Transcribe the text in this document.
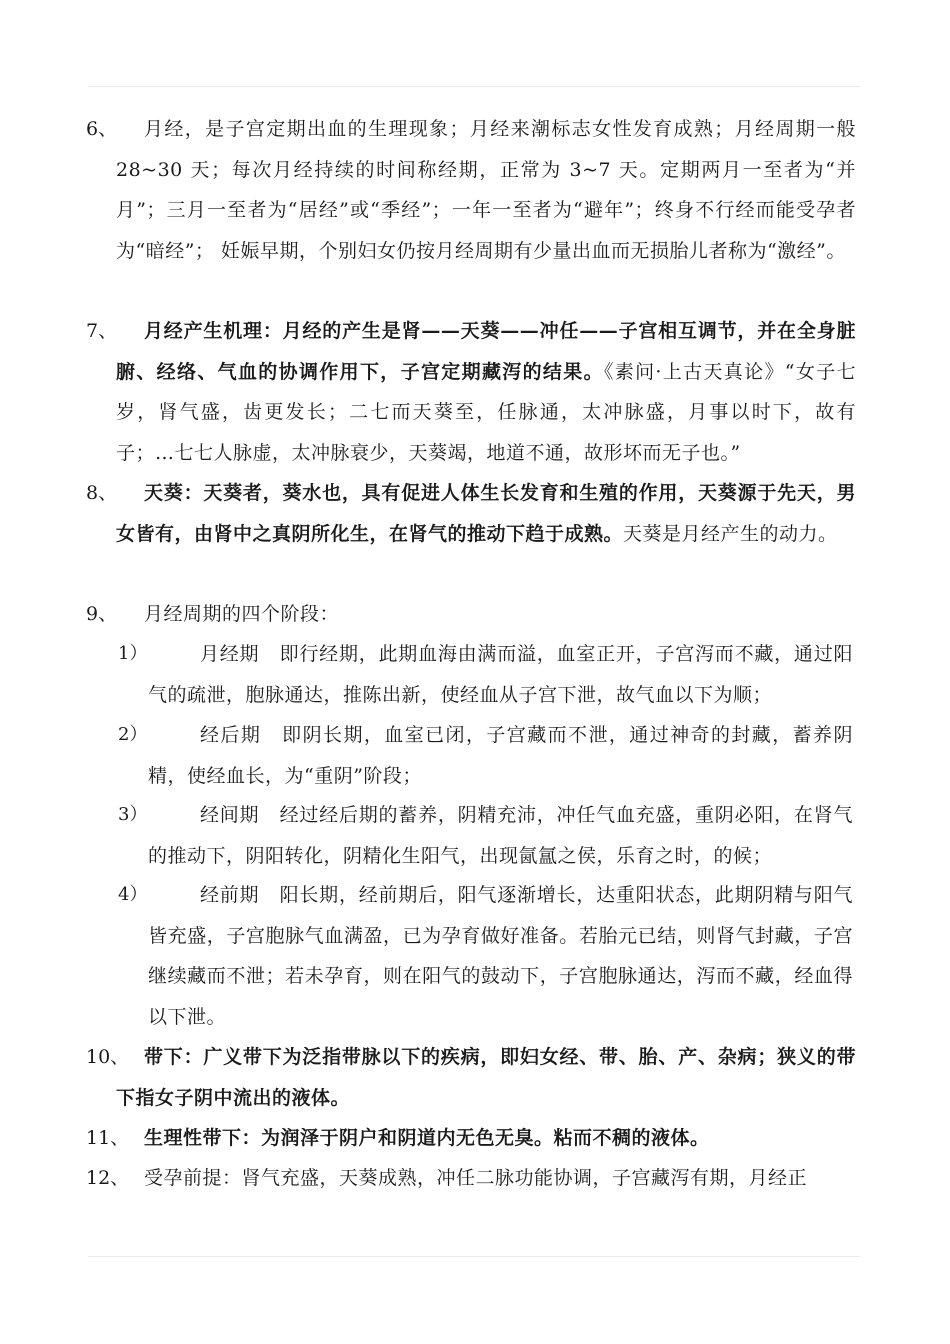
6、	月经，是子宫定期出血的生理现象；月经来潮标志女性发育成熟；月经周期一般 28~30 天；每次月经持续的时间称经期，正常为 3~7 天。定期两月一至者为“并月”；三月一至者为“居经”或“季经”；一年一至者为“避年”；终身不行经而能受孕者为“暗经”； 妊娠早期，个别妇女仍按月经周期有少量出血而无损胎儿者称为“激经”。
7、	月经产生机理：月经的产生是肾——天葵——冲任——子宫相互调节，并在全身脏腑、经络、气血的协调作用下，子宫定期藏泻的结果。《素问·上古天真论》“女子七岁，肾气盛，齿更发长；二七而天葵至，任脉通，太冲脉盛，月事以时下，故有子；…七七人脉虚，太冲脉衰少，天葵竭，地道不通，故形坏而无子也。”
8、	天葵：天葵者，葵水也，具有促进人体生长发育和生殖的作用，天葵源于先天，男女皆有，由肾中之真阴所化生，在肾气的推动下趋于成熟。天葵是月经产生的动力。
9、	月经周期的四个阶段：
1）	月经期 即行经期，此期血海由满而溢，血室正开，子宫泻而不藏，通过阳气的疏泄，胞脉通达，推陈出新，使经血从子宫下泄，故气血以下为顺；
2）	经后期 即阴长期，血室已闭，子宫藏而不泄，通过神奇的封藏，蓄养阴精，使经血长，为“重阴”阶段；
3）	经间期 经过经后期的蓄养，阴精充沛，冲任气血充盛，重阴必阳，在肾气的推动下，阴阳转化，阴精化生阳气，出现氤氲之侯，乐育之时，的候；
4）	经前期 阳长期，经前期后，阳气逐渐增长，达重阳状态，此期阴精与阳气皆充盛，子宫胞脉气血满盈，已为孕育做好准备。若胎元已结，则肾气封藏，子宫继续藏而不泄；若未孕育，则在阳气的鼓动下，子宫胞脉通达，泻而不藏，经血得以下泄。
10、 带下：广义带下为泛指带脉以下的疾病，即妇女经、带、胎、产、杂病；狭义的带下指女子阴中流出的液体。
11、 生理性带下：为润泽于阴户和阴道内无色无臭。粘而不稠的液体。
12、 受孕前提：肾气充盛，天葵成熟，冲任二脉功能协调，子宫藏泻有期，月经正
